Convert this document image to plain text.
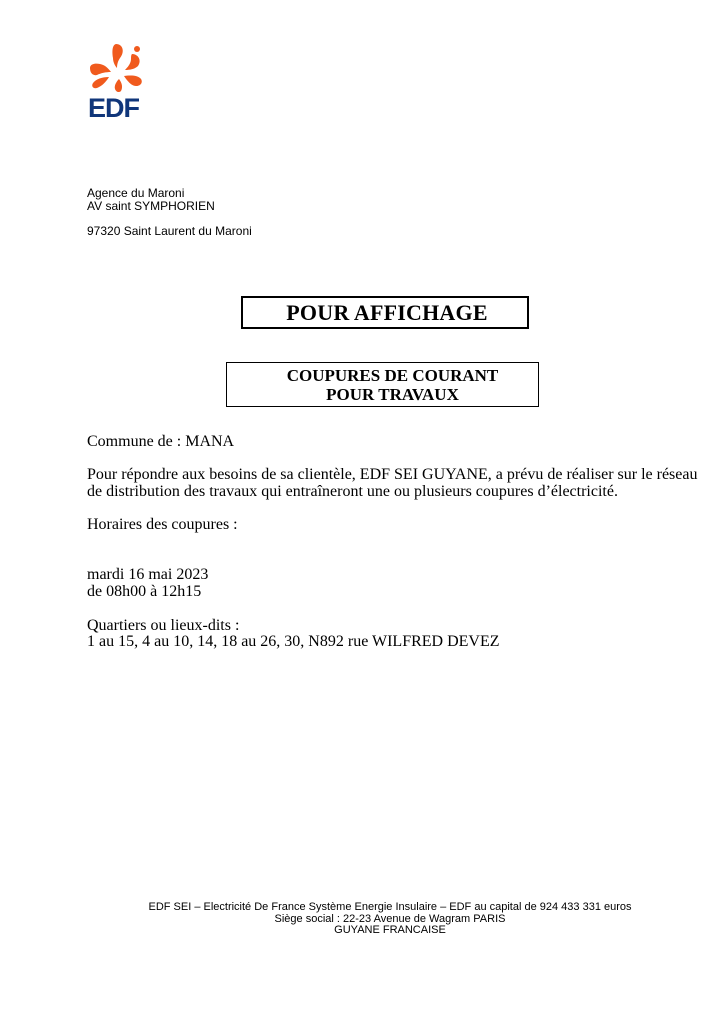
EDF
Agence du Maroni
AV saint SYMPHORIEN
97320 Saint Laurent du Maroni
POUR AFFICHAGE
COUPURES DE COURANT
POUR TRAVAUX
Commune de : MANA
Pour répondre aux besoins de sa clientèle, EDF SEI GUYANE, a prévu de réaliser sur le réseau
de distribution des travaux qui entraîneront une ou plusieurs coupures d’électricité.
Horaires des coupures :
mardi 16 mai 2023
de 08h00 à 12h15
Quartiers ou lieux-dits :
1 au 15, 4 au 10, 14, 18 au 26, 30, N892 rue WILFRED DEVEZ
EDF SEI – Electricité De France Système Energie Insulaire – EDF au capital de 924 433 331 euros
Siège social : 22-23 Avenue de Wagram PARIS
GUYANE FRANCAISE
